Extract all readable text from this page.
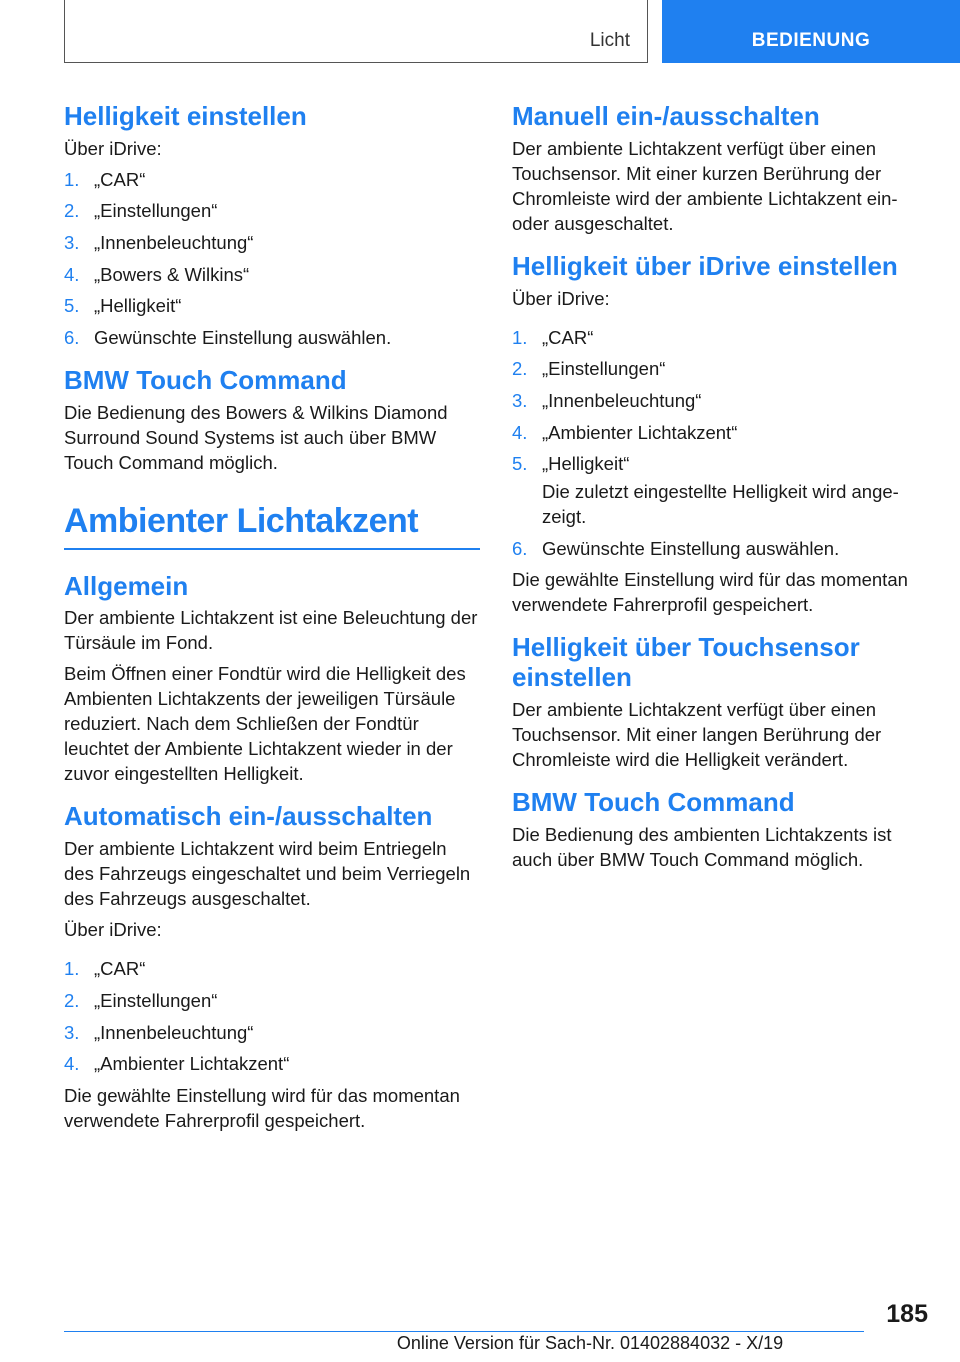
Licht	BEDIENUNG
Helligkeit einstellen

Über iDrive:

1. „CAR“
2. „Einstellungen“
3. „Innenbeleuchtung“
4. „Bowers & Wilkins“
5. „Helligkeit“
6. Gewünschte Einstellung auswählen.
BMW Touch Command

Die Bedienung des Bowers & Wilkins Diamond Surround Sound Systems ist auch über BMW Touch Command möglich.

Ambienter Lichtakzent
Allgemein

Der ambiente Lichtakzent ist eine Beleuchtung der Türsäule im Fond.

Beim Öffnen einer Fondtür wird die Helligkeit des Ambienten Lichtakzents der jeweiligen Türsäule reduziert. Nach dem Schließen der Fondtür leuchtet der Ambiente Lichtakzent wieder in der zuvor eingestellten Helligkeit.

Automatisch ein-/ausschalten

Der ambiente Lichtakzent wird beim Entriegeln des Fahrzeugs eingeschaltet und beim Verriegeln des Fahrzeugs ausgeschaltet.

Über iDrive:

1. „CAR“
2. „Einstellungen“
3. „Innenbeleuchtung“
4. „Ambienter Lichtakzent“

Die gewählte Einstellung wird für das momentan verwendete Fahrerprofil gespeichert.

Manuell ein-/ausschalten

Der ambiente Lichtakzent verfügt über einen Touchsensor. Mit einer kurzen Berührung der Chromleiste wird der ambiente Lichtakzent ein- oder ausgeschaltet.

Helligkeit über iDrive einstellen

Über iDrive:

1. „CAR“
2. „Einstellungen“
3. „Innenbeleuchtung“
4. „Ambienter Lichtakzent“
5. „Helligkeit“
Die zuletzt eingestellte Helligkeit wird angezeigt.
6. Gewünschte Einstellung auswählen.

Die gewählte Einstellung wird für das momentan verwendete Fahrerprofil gespeichert.

Helligkeit über Touchsensor einstellen

Der ambiente Lichtakzent verfügt über einen Touchsensor. Mit einer langen Berührung der Chromleiste wird die Helligkeit verändert.

BMW Touch Command

Die Bedienung des ambienten Lichtakzents ist auch über BMW Touch Command möglich.

185
Online Version für Sach-Nr. 01402884032 - X/19
